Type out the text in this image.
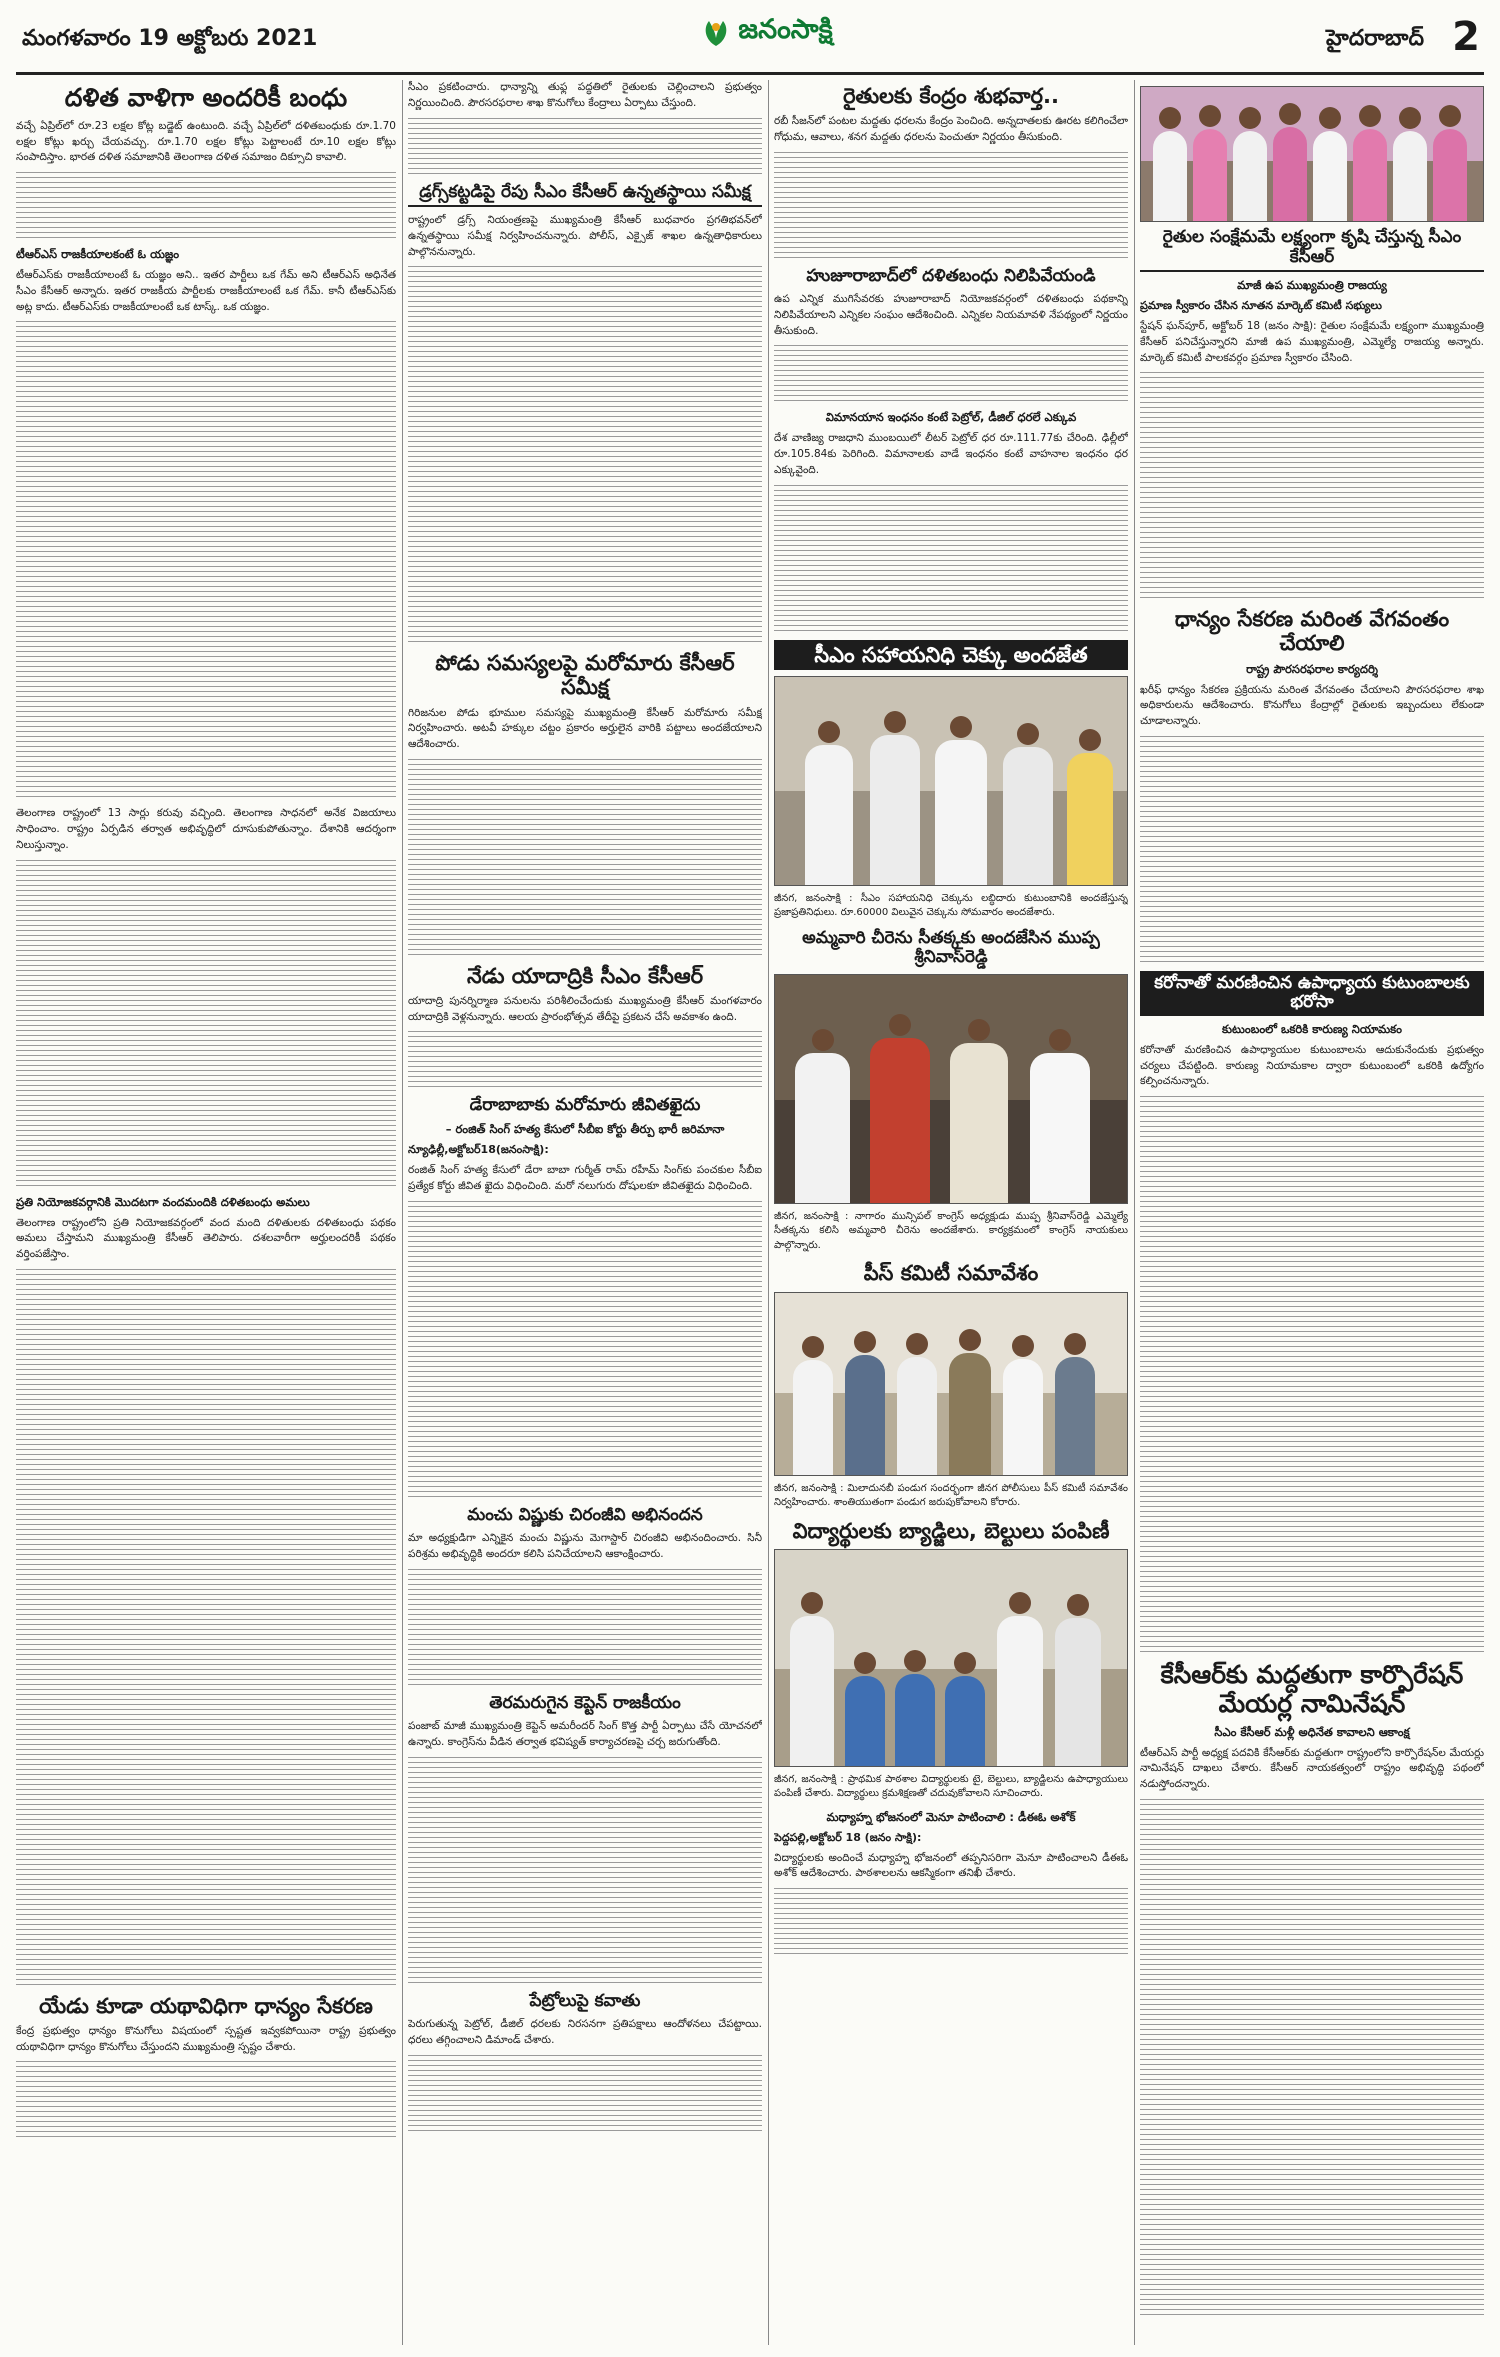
మంగళవారం 19 అక్టోబరు 2021	జనంసాక్షి	హైదరాబాద్ 2
దళిత వాళిగా అందరికీ బంధు

వచ్చే ఏప్రిల్‌లో రూ.23 లక్షల కోట్ల బడ్జెట్‌ ఉంటుంది. వచ్చే ఏప్రిల్‌లో దళితబంధుకు రూ.1.70 లక్షల కోట్లు ఖర్చు చేయవచ్చు. రూ.1.70 లక్షల కోట్లు పెట్టాలంటే రూ.10 లక్షల కోట్లు సంపాదిస్తాం. భారత దళిత సమాజానికి తెలంగాణ దళిత సమాజం దిక్సూచి కావాలి.

టీఆర్‌ఎస్‌ రాజకీయాలకంటే ఓ యజ్ఞం

టీఆర్‌ఎస్‌కు రాజకీయాలంటే ఓ యజ్ఞం అని.. ఇతర పార్టీలు ఒక గేమ్‌ అని టీఆర్‌ఎస్‌ అధినేత సీఎం కేసీఆర్‌ అన్నారు. ఇతర రాజకీయ పార్టీలకు రాజకీయాలంటే ఒక గేమ్‌. కానీ టీఆర్‌ఎస్‌కు అట్ల కాదు. టీఆర్‌ఎస్‌కు రాజకీయాలంటే ఒక టాస్క్‌. ఒక యజ్ఞం.

తెలంగాణ రాష్ట్రంలో 13 సార్లు కరువు వచ్చింది. తెలంగాణ సాధనలో అనేక విజయాలు సాధించాం. రాష్ట్రం ఏర్పడిన తర్వాత అభివృద్ధిలో దూసుకుపోతున్నాం. దేశానికి ఆదర్శంగా నిలుస్తున్నాం.

ప్రతి నియోజకవర్గానికి మొదటగా వందమందికి దళితబంధు అమలు

తెలంగాణ రాష్ట్రంలోని ప్రతి నియోజకవర్గంలో వంద మంది దళితులకు దళితబంధు పథకం అమలు చేస్తామని ముఖ్యమంత్రి కేసీఆర్‌ తెలిపారు. దశలవారీగా అర్హులందరికీ పథకం వర్తింపజేస్తాం.

యేడు కూడా యథావిధిగా ధాన్యం సేకరణ

కేంద్ర ప్రభుత్వం ధాన్యం కొనుగోలు విషయంలో స్పష్టత ఇవ్వకపోయినా రాష్ట్ర ప్రభుత్వం యథావిధిగా ధాన్యం కొనుగోలు చేస్తుందని ముఖ్యమంత్రి స్పష్టం చేశారు.

సీఎం ప్రకటించారు. ధాన్యాన్ని తుఫ్ల పద్ధతిలో రైతులకు చెల్లించాలని ప్రభుత్వం నిర్ణయించింది. పౌరసరఫరాల శాఖ కొనుగోలు కేంద్రాలు ఏర్పాటు చేస్తుంది.

డ్రగ్స్‌కట్టడిపై రేపు సీఎం కేసీఆర్‌ ఉన్నతస్థాయి సమీక్ష

రాష్ట్రంలో డ్రగ్స్‌ నియంత్రణపై ముఖ్యమంత్రి కేసీఆర్‌ బుధవారం ప్రగతిభవన్‌లో ఉన్నతస్థాయి సమీక్ష నిర్వహించనున్నారు. పోలీస్‌, ఎక్సైజ్‌ శాఖల ఉన్నతాధికారులు పాల్గొననున్నారు.

పోడు సమస్యలపై మరోమారు కేసీఆర్‌ సమీక్ష

గిరిజనుల పోడు భూముల సమస్యపై ముఖ్యమంత్రి కేసీఆర్‌ మరోమారు సమీక్ష నిర్వహించారు. అటవీ హక్కుల చట్టం ప్రకారం అర్హులైన వారికి పట్టాలు అందజేయాలని ఆదేశించారు.

నేడు యాదాద్రికి సీఎం కేసీఆర్‌

యాదాద్రి పునర్నిర్మాణ పనులను పరిశీలించేందుకు ముఖ్యమంత్రి కేసీఆర్‌ మంగళవారం యాదాద్రికి వెళ్లనున్నారు. ఆలయ ప్రారంభోత్సవ తేదీపై ప్రకటన చేసే అవకాశం ఉంది.

డేరాబాబాకు మరోమారు జీవితఖైదు
– రంజిత్‌ సింగ్‌ హత్య కేసులో సీబీఐ కోర్టు తీర్పు భారీ జరిమానా
న్యూఢిల్లీ,అక్టోబర్‌18(జనంసాక్షి):

రంజిత్‌ సింగ్‌ హత్య కేసులో డేరా బాబా గుర్మీత్‌ రామ్‌ రహీమ్‌ సింగ్‌కు పంచకుల సీబీఐ ప్రత్యేక కోర్టు జీవిత ఖైదు విధించింది. మరో నలుగురు దోషులకూ జీవితఖైదు విధించింది.

మంచు విష్ణుకు చిరంజీవి అభినందన

మా అధ్యక్షుడిగా ఎన్నికైన మంచు విష్ణును మెగాస్టార్‌ చిరంజీవి అభినందించారు. సినీ పరిశ్రమ అభివృద్ధికి అందరూ కలిసి పనిచేయాలని ఆకాంక్షించారు.

తెరమరుగైన కెప్టెన్‌ రాజకీయం

పంజాబ్‌ మాజీ ముఖ్యమంత్రి కెప్టెన్‌ అమరీందర్‌ సింగ్‌ కొత్త పార్టీ ఏర్పాటు చేసే యోచనలో ఉన్నారు. కాంగ్రెస్‌ను వీడిన తర్వాత భవిష్యత్‌ కార్యాచరణపై చర్చ జరుగుతోంది.

పేట్రోలుపై కవాతు

పెరుగుతున్న పెట్రోల్‌, డీజిల్‌ ధరలకు నిరసనగా ప్రతిపక్షాలు ఆందోళనలు చేపట్టాయి. ధరలు తగ్గించాలని డిమాండ్‌ చేశారు.

రైతులకు కేంద్రం శుభవార్త..

రబీ సీజన్‌లో పంటల మద్దతు ధరలను కేంద్రం పెంచింది. అన్నదాతలకు ఊరట కలిగించేలా గోధుమ, ఆవాలు, శనగ మద్దతు ధరలను పెంచుతూ నిర్ణయం తీసుకుంది.

హుజూరాబాద్‌లో దళితబంధు నిలిపివేయండి

ఉప ఎన్నిక ముగిసేవరకు హుజూరాబాద్‌ నియోజకవర్గంలో దళితబంధు పథకాన్ని నిలిపివేయాలని ఎన్నికల సంఘం ఆదేశించింది. ఎన్నికల నియమావళి నేపథ్యంలో నిర్ణయం తీసుకుంది.

విమానయాన ఇంధనం కంటే పెట్రోల్‌, డీజిల్‌ ధరలే ఎక్కువ

దేశ వాణిజ్య రాజధాని ముంబయిలో లీటర్‌ పెట్రోల్‌ ధర రూ.111.77కు చేరింది. ఢిల్లీలో రూ.105.84కు పెరిగింది. విమానాలకు వాడే ఇంధనం కంటే వాహనాల ఇంధనం ధర ఎక్కువైంది.

సీఎం సహాయనిధి చెక్కు అందజేత
జీనగ, జనంసాక్షి : సీఎం సహాయనిధి చెక్కును లబ్ధిదారు కుటుంబానికి అందజేస్తున్న ప్రజాప్రతినిధులు. రూ.60000 విలువైన చెక్కును సోమవారం అందజేశారు.
అమ్మవారి చీరెను సీతక్కకు అందజేసిన ముప్ప శ్రీనివాస్‌రెడ్డి
జీనగ, జనంసాక్షి : నాగారం మున్సిపల్‌ కాంగ్రెస్‌ అధ్యక్షుడు ముప్ప శ్రీనివాస్‌రెడ్డి ఎమ్మెల్యే సీతక్కను కలిసి అమ్మవారి చీరెను అందజేశారు. కార్యక్రమంలో కాంగ్రెస్‌ నాయకులు పాల్గొన్నారు.
పీస్‌ కమిటీ సమావేశం
జీనగ, జనంసాక్షి : మిలాదునబీ పండుగ సందర్భంగా జీనగ పోలీసులు పీస్‌ కమిటీ సమావేశం నిర్వహించారు. శాంతియుతంగా పండుగ జరుపుకోవాలని కోరారు.
విద్యార్థులకు బ్యాడ్జిలు, బెల్టులు పంపిణీ
జీనగ, జనంసాక్షి : ప్రాథమిక పాఠశాల విద్యార్థులకు టై, బెల్టులు, బ్యాడ్జిలను ఉపాధ్యాయులు పంపిణీ చేశారు. విద్యార్థులు క్రమశిక్షణతో చదువుకోవాలని సూచించారు.
మధ్యాహ్న భోజనంలో మెనూ పాటించాలి : డీఈఓ అశోక్‌
పెద్దపల్లి,అక్టోబర్‌ 18 (జనం సాక్షి):

విద్యార్థులకు అందించే మధ్యాహ్న భోజనంలో తప్పనిసరిగా మెనూ పాటించాలని డీఈఓ అశోక్‌ ఆదేశించారు. పాఠశాలలను ఆకస్మికంగా తనిఖీ చేశారు.

రైతుల సంక్షేమమే లక్ష్యంగా కృషి చేస్తున్న సీఎం కేసీఆర్‌
మాజీ ఉప ముఖ్యమంత్రి రాజయ్య
ప్రమాణ స్వీకారం చేసిన నూతన మార్కెట్‌ కమిటీ సభ్యులు

స్టేషన్‌ ఘన్‌పూర్‌, అక్టోబర్‌ 18 (జనం సాక్షి): రైతుల సంక్షేమమే లక్ష్యంగా ముఖ్యమంత్రి కేసీఆర్‌ పనిచేస్తున్నారని మాజీ ఉప ముఖ్యమంత్రి, ఎమ్మెల్యే రాజయ్య అన్నారు. మార్కెట్‌ కమిటీ పాలకవర్గం ప్రమాణ స్వీకారం చేసింది.

ధాన్యం సేకరణ మరింత వేగవంతం చేయాలి
రాష్ట్ర పౌరసరఫరాల కార్యదర్శి

ఖరీఫ్‌ ధాన్యం సేకరణ ప్రక్రియను మరింత వేగవంతం చేయాలని పౌరసరఫరాల శాఖ అధికారులను ఆదేశించారు. కొనుగోలు కేంద్రాల్లో రైతులకు ఇబ్బందులు లేకుండా చూడాలన్నారు.

కరోనాతో మరణించిన ఉపాధ్యాయ కుటుంబాలకు భరోసా
కుటుంబంలో ఒకరికి కారుణ్య నియామకం

కరోనాతో మరణించిన ఉపాధ్యాయుల కుటుంబాలను ఆదుకునేందుకు ప్రభుత్వం చర్యలు చేపట్టింది. కారుణ్య నియామకాల ద్వారా కుటుంబంలో ఒకరికి ఉద్యోగం కల్పించనున్నారు.

కేసీఆర్‌కు మద్దతుగా కార్పొరేషన్‌ మేయర్ల నామినేషన్‌
సీఎం కేసీఆర్‌ మళ్లీ అధినేత కావాలని ఆకాంక్ష

టీఆర్‌ఎస్‌ పార్టీ అధ్యక్ష పదవికి కేసీఆర్‌కు మద్దతుగా రాష్ట్రంలోని కార్పొరేషన్‌ల మేయర్లు నామినేషన్‌ దాఖలు చేశారు. కేసీఆర్‌ నాయకత్వంలో రాష్ట్రం అభివృద్ధి పథంలో నడుస్తోందన్నారు.
